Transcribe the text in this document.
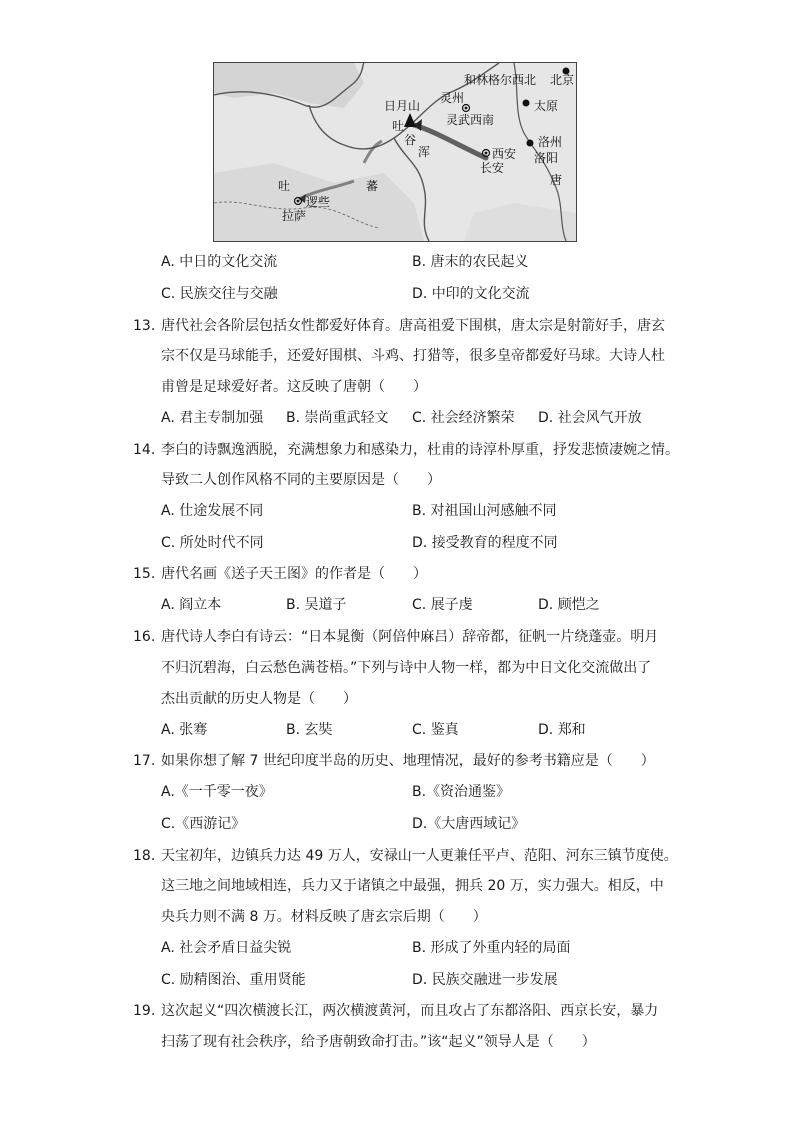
和林格尔西北 北京
灵州
日月山
灵武西南
太原
吐
谷
浑
洛州
西安 洛阳
长安
唐
吐	蕃
逻些
拉萨
A. 中日的文化交流	B. 唐末的农民起义
C. 民族交往与交融	D. 中印的文化交流
13. 唐代社会各阶层包括女性都爱好体育。唐高祖爱下围棋，唐太宗是射箭好手，唐玄
宗不仅是马球能手，还爱好围棋、斗鸡、打猎等，很多皇帝都爱好马球。大诗人杜
甫曾是足球爱好者。这反映了唐朝（　　）
A. 君主专制加强 B. 崇尚重武轻文 C. 社会经济繁荣 D. 社会风气开放
14. 李白的诗飘逸洒脱，充满想象力和感染力，杜甫的诗淳朴厚重，抒发悲愤凄婉之情。
导致二人创作风格不同的主要原因是（　　）
A. 仕途发展不同	B. 对祖国山河感触不同
C. 所处时代不同	D. 接受教育的程度不同
15. 唐代名画《送子天王图》的作者是（　　）
A. 阎立本	B. 吴道子	C. 展子虔	D. 顾恺之
16. 唐代诗人李白有诗云：“日本晁衡（阿倍仲麻吕）辞帝都，征帆一片绕蓬壶。明月
不归沉碧海，白云愁色满苍梧。”下列与诗中人物一样，都为中日文化交流做出了
杰出贡献的历史人物是（　　）
A. 张骞	B. 玄奘	C. 鉴真	D. 郑和
17. 如果你想了解 7 世纪印度半岛的历史、地理情况，最好的参考书籍应是（　　）
A.《一千零一夜》	B.《资治通鉴》
C.《西游记》	D.《大唐西域记》
18. 天宝初年，边镇兵力达 49 万人，安禄山一人更兼任平卢、范阳、河东三镇节度使。
这三地之间地域相连，兵力又于诸镇之中最强，拥兵 20 万，实力强大。相反，中
央兵力则不满 8 万。材料反映了唐玄宗后期（　　）
A. 社会矛盾日益尖锐	B. 形成了外重内轻的局面
C. 励精图治、重用贤能	D. 民族交融进一步发展
19. 这次起义“四次横渡长江，两次横渡黄河，而且攻占了东都洛阳、西京长安，暴力
扫荡了现有社会秩序，给予唐朝致命打击。”该“起义”领导人是（　　）
